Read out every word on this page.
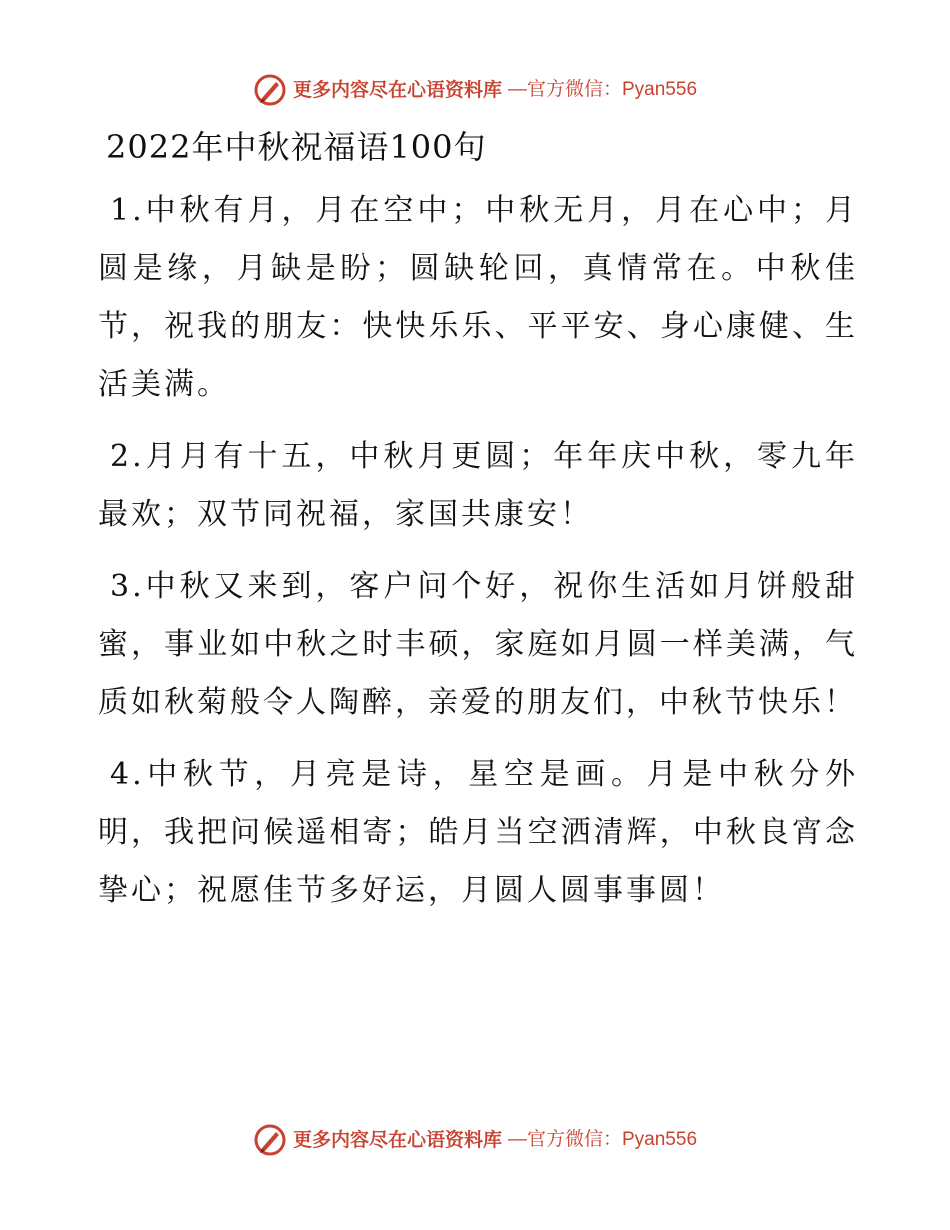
更多内容尽在心语资料库 —官方微信：Pyan556
2022年中秋祝福语100句

1.中秋有月，月在空中；中秋无月，月在心中；月圆是缘，月缺是盼；圆缺轮回，真情常在。中秋佳节，祝我的朋友：快快乐乐、平平安、身心康健、生活美满。

2.月月有十五，中秋月更圆；年年庆中秋，零九年最欢；双节同祝福，家国共康安！

3.中秋又来到，客户问个好，祝你生活如月饼般甜蜜，事业如中秋之时丰硕，家庭如月圆一样美满，气质如秋菊般令人陶醉，亲爱的朋友们，中秋节快乐！

4.中秋节，月亮是诗，星空是画。月是中秋分外明，我把问候遥相寄；皓月当空洒清辉，中秋良宵念挚心；祝愿佳节多好运，月圆人圆事事圆！

更多内容尽在心语资料库 —官方微信：Pyan556
